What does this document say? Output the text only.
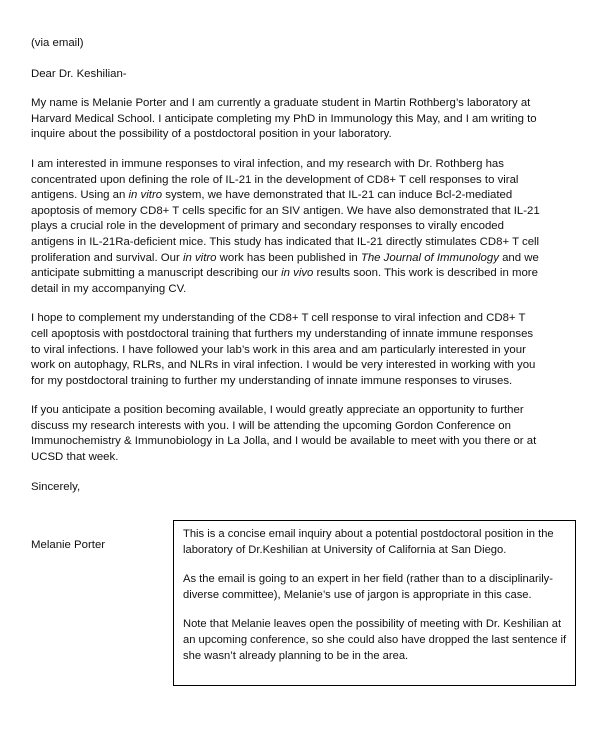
(via email)

Dear Dr. Keshilian-

My name is Melanie Porter and I am currently a graduate student in Martin Rothberg’s laboratory at Harvard Medical School. I anticipate completing my PhD in Immunology this May, and I am writing to inquire about the possibility of a postdoctoral position in your laboratory.

I am interested in immune responses to viral infection, and my research with Dr. Rothberg has concentrated upon defining the role of IL-21 in the development of CD8+ T cell responses to viral antigens. Using an in vitro system, we have demonstrated that IL-21 can induce Bcl-2-mediated apoptosis of memory CD8+ T cells specific for an SIV antigen. We have also demonstrated that IL-21 plays a crucial role in the development of primary and secondary responses to virally encoded antigens in IL-21Ra-deficient mice. This study has indicated that IL-21 directly stimulates CD8+ T cell proliferation and survival. Our in vitro work has been published in The Journal of Immunology and we anticipate submitting a manuscript describing our in vivo results soon. This work is described in more detail in my accompanying CV.

I hope to complement my understanding of the CD8+ T cell response to viral infection and CD8+ T cell apoptosis with postdoctoral training that furthers my understanding of innate immune responses to viral infections. I have followed your lab’s work in this area and am particularly interested in your work on autophagy, RLRs, and NLRs in viral infection. I would be very interested in working with you for my postdoctoral training to further my understanding of innate immune responses to viruses.

If you anticipate a position becoming available, I would greatly appreciate an opportunity to further discuss my research interests with you. I will be attending the upcoming Gordon Conference on Immunochemistry & Immunobiology in La Jolla, and I would be available to meet with you there or at UCSD that week.

Sincerely,

Melanie Porter

This is a concise email inquiry about a potential postdoctoral position in the laboratory of Dr.Keshilian at University of California at San Diego.

As the email is going to an expert in her field (rather than to a disciplinarily-diverse committee), Melanie’s use of jargon is appropriate in this case.

Note that Melanie leaves open the possibility of meeting with Dr. Keshilian at an upcoming conference, so she could also have dropped the last sentence if she wasn’t already planning to be in the area.
